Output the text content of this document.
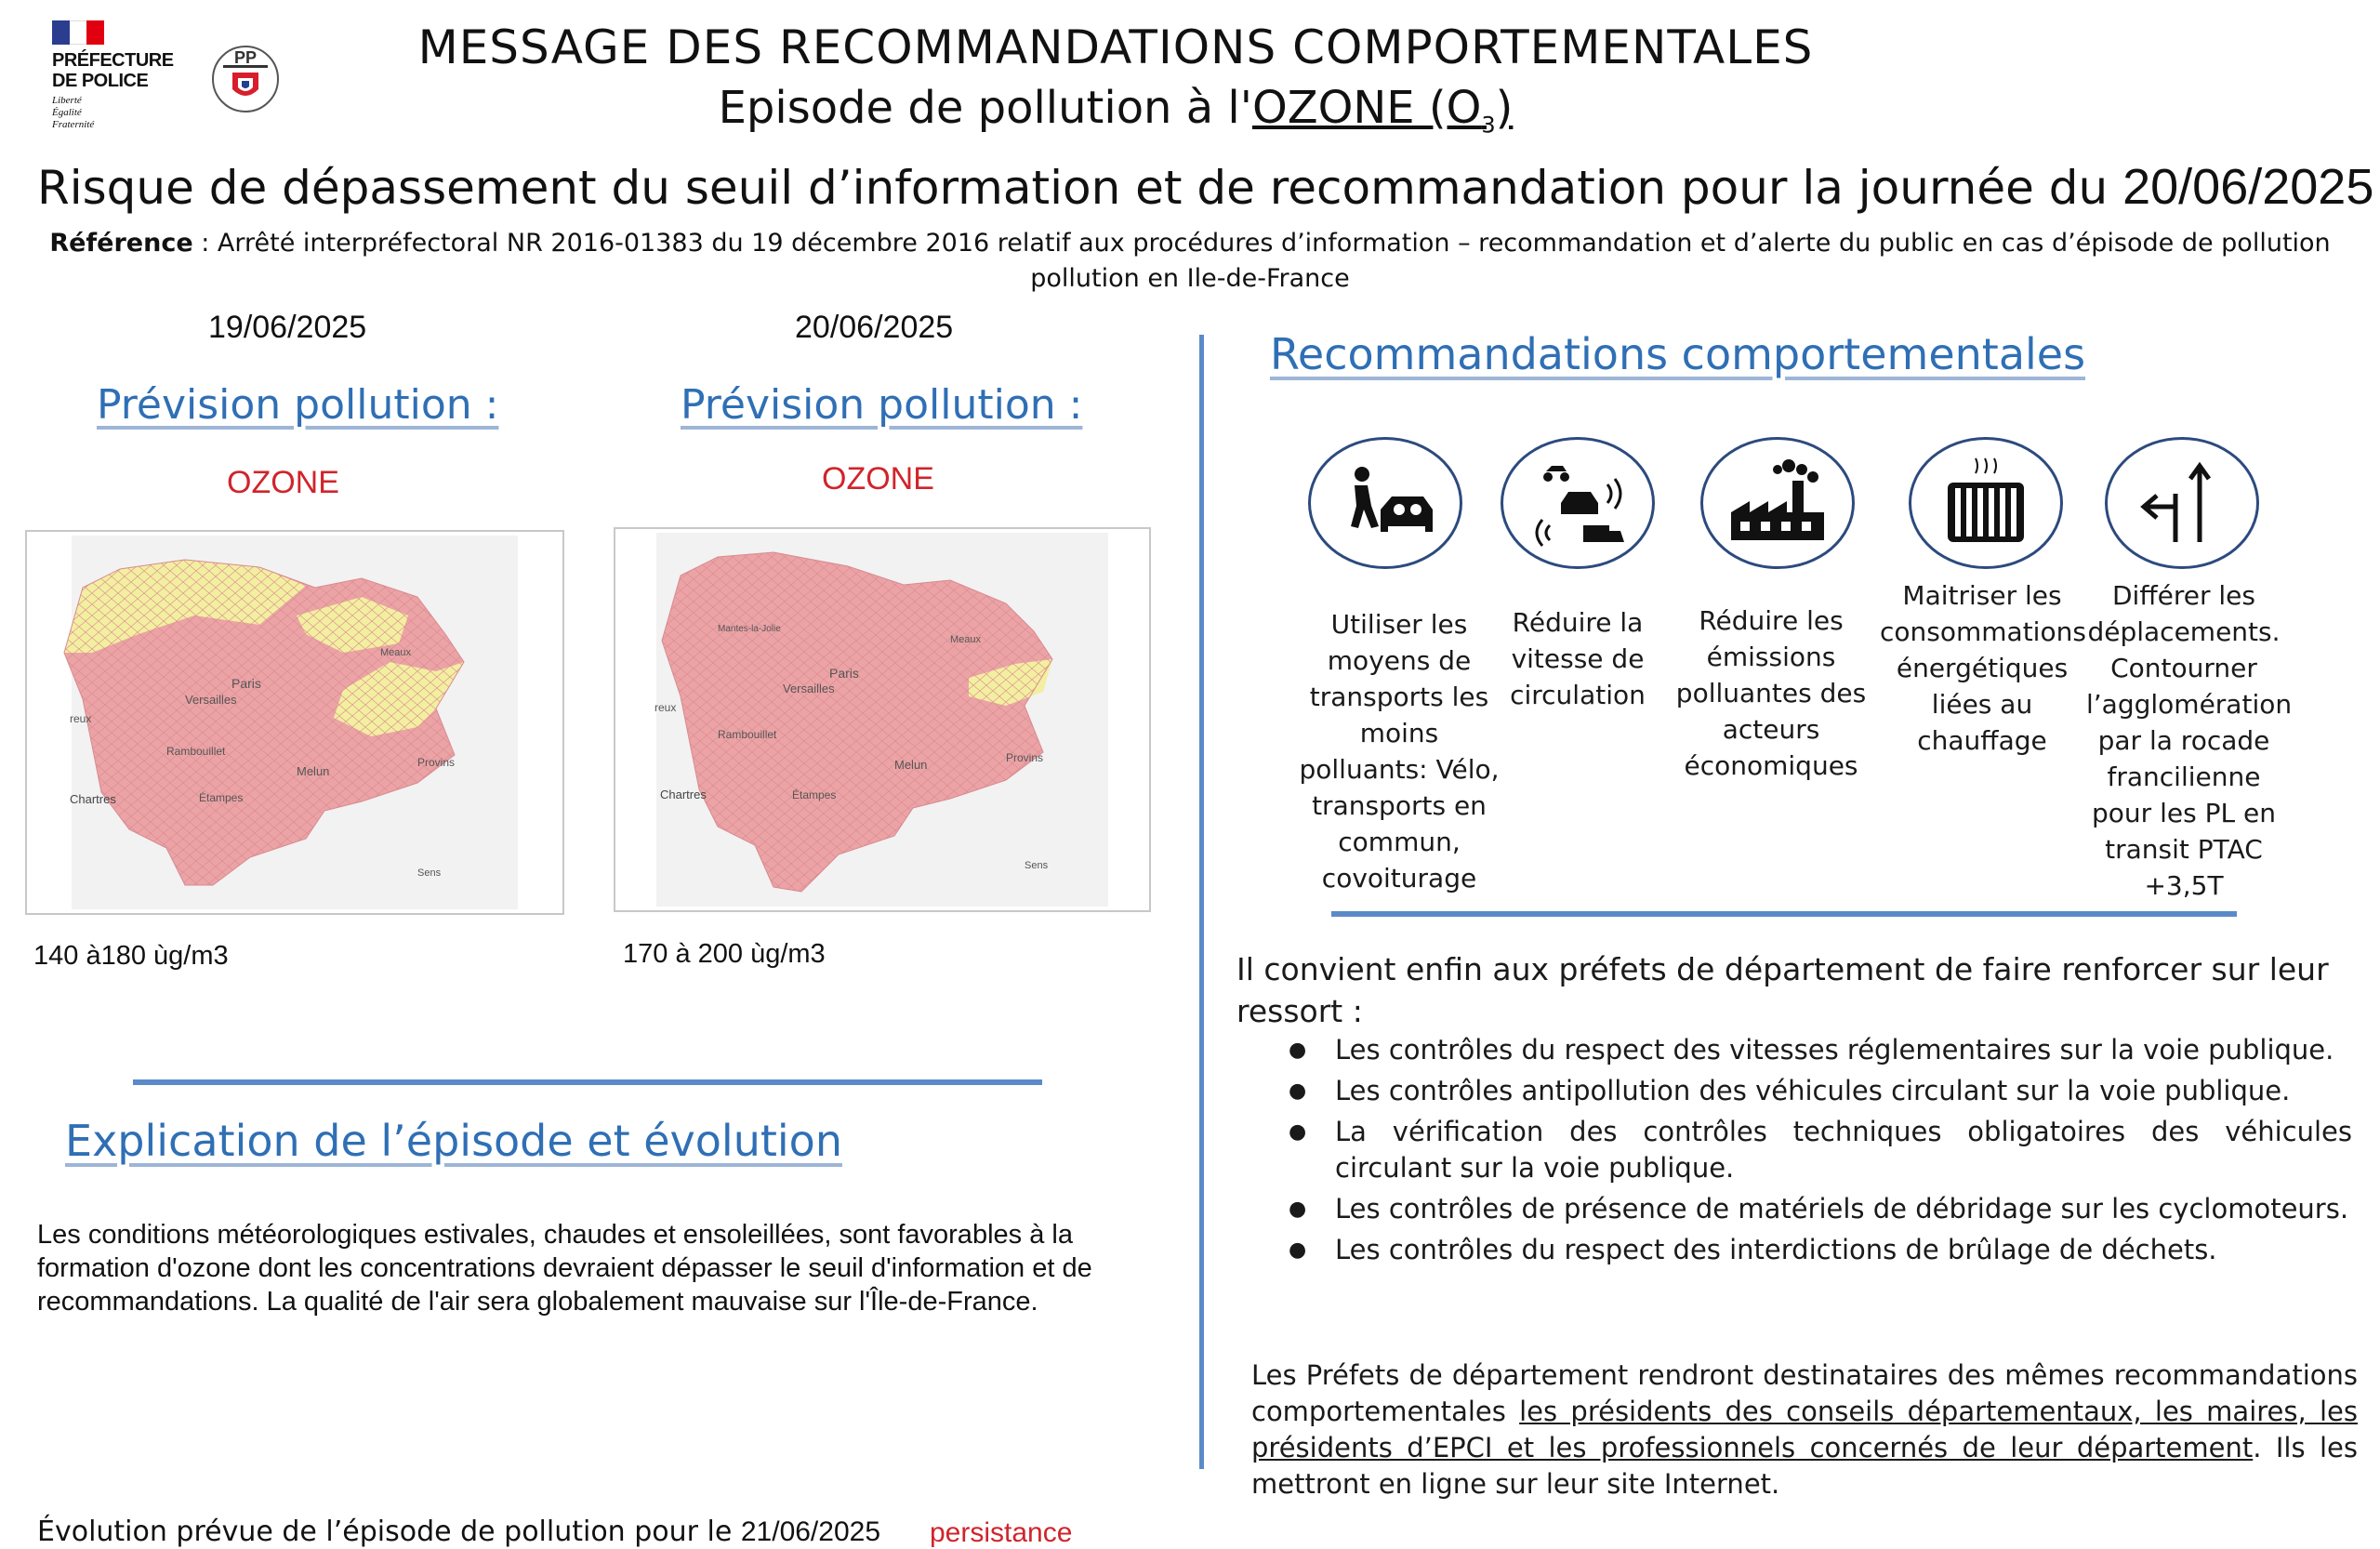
PRÉFECTURE
DE POLICE
Liberté
Égalité
Fraternité
PP	MESSAGE DES RECOMMANDATIONS COMPORTEMENTALES
Episode de pollution à l'OZONE $(O_3)$
Risque de dépassement du seuil d’information et de recommandation pour la journée du 20/06/2025
Référence : Arrêté interpréfectoral NR 2016-01383 du 19 décembre 2016 relatif aux procédures d’information – recommandation et d’alerte du public en cas d’épisode de pollution pollution en Ile-de-France
19/06/2025
Prévision pollution :
OZONE
Paris
Versailles
Meaux
Rambouillet
Melun
Provins
Étampes
Chartres
Sens
reux
140 à180 ùg/m3
20/06/2025
Prévision pollution :
OZONE
Paris
Versailles
Meaux
Mantes-la-Jolie
Rambouillet
Melun	Provins
Étampes
Chartres
Sens
reux
170 à 200 ùg/m3
Explication de l’épisode et évolution
Les conditions météorologiques estivales, chaudes et ensoleillées, sont favorables à la formation d'ozone dont les concentrations devraient dépasser le seuil d'information et de recommandations. La qualité de l'air sera globalement mauvaise sur l'Île-de-France.
Évolution prévue de l’épisode de pollution pour le 21/06/2025 persistance
Recommandations comportementales
Utiliser les moyens de transports les moins polluants: Vélo, transports en commun, covoiturage
Réduire la vitesse de circulation
Réduire les émissions polluantes des acteurs économiques
Maitriser les consommations énergétiques liées au chauffage
Différer les déplacements. Contourner l’agglomération par la rocade francilienne pour les PL en transit PTAC +3,5T
Il convient enfin aux préfets de département de faire renforcer sur leur ressort :
● Les contrôles du respect des vitesses réglementaires sur la voie publique.
● Les contrôles antipollution des véhicules circulant sur la voie publique.
● La vérification des contrôles techniques obligatoires des véhicules circulant sur la voie publique.
● Les contrôles de présence de matériels de débridage sur les cyclomoteurs.
● Les contrôles du respect des interdictions de brûlage de déchets.
Les Préfets de département rendront destinataires des mêmes recommandations comportementales les présidents des conseils départementaux, les maires, les présidents d’EPCI et les professionnels concernés de leur département. Ils les mettront en ligne sur leur site Internet.
